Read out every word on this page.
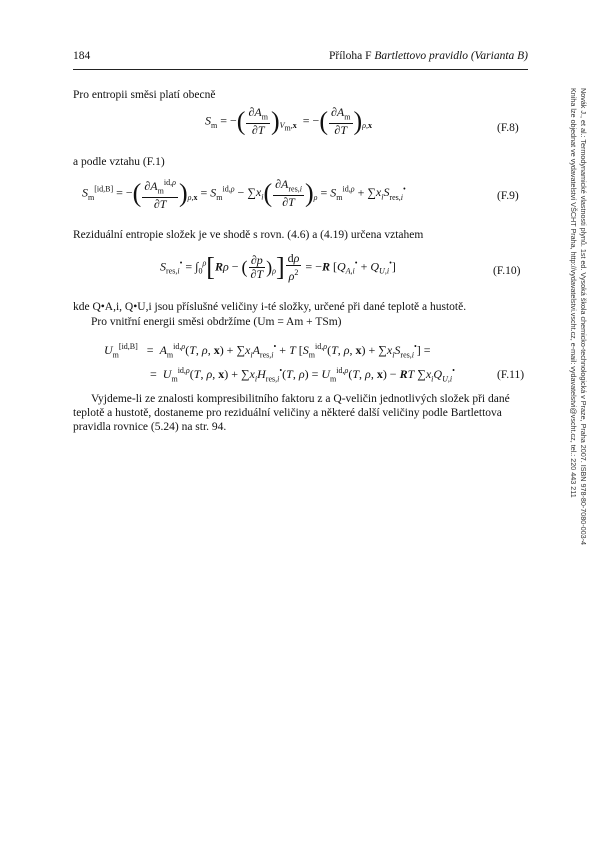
184	Příloha F Bartlettovo pravidlo (Varianta B)
Pro entropii směsi platí obecně
$S_m$ = −( $\frac{\partial A_m}{\partial T} )_{V_m,x}$  = −( $\frac{\partial A_m}{\partial T} )_{\rho,x}$	(F.8)
a podle vztahu (F.1)
$S_m[id,B]$ = −( $\frac{\partial A_m^{id,\rho}}{\partial T} )_{\rho,x} = S_m^{id,\rho} - \sum x_i( \frac{\partial A_{res,i}}{\partial T} )_\rho = S_m^{id,\rho} + \sum x_iS_{res,i}^•$
(F.9)
Reziduální entropie složek je ve shodě s rovn. (4.6) a (4.19) určena vztahem
$S_{res,i}^• = \int_0^\rho[R\rho$ − ( $\frac{\partial p}{\partial T} )_\rho] \frac{d\rho}{\rho^2} = -R$ $[Q_{A,i}^• + Q_{U,i}^•]$	(F.10)
kde Q•A,i, Q•U,i jsou příslušné veličiny i-té složky, určené při dané teplotě a hustotě.
Pro vnitřní energii směsi obdržíme (Um = Am + TSm)
$U_m[id,B] = A_m^{id,\rho}(T$, ρ, $x) + \sum x_iA_{res,i}^• + T$ [$S_m^{id,\rho}(T$, ρ, $x) + \sum x_iS_{res,i}^•$] =
=  $U_m^{id,\rho}(T$, ρ, $x) + \sum x_iH_{res,i}^•(T$, $\rho) = U_m^{id,\rho}(T$, ρ, x) − RT $\sum x_iQ_{U,i}^•$	(F.11)
Vyjdeme-li ze znalosti kompresibilitního faktoru z a Q-veličin jednotlivých složek při dané teplotě a hustotě, dostaneme pro reziduální veličiny a některé další veličiny podle Bartlettova pravidla rovnice (5.24) na str. 94.	Novák J., et al.: Termodynamické vlastnosti plynů. 1st ed. Vysoká škola chemicko-technologická v Praze, Praha 2007. ISBN 978-80-7080-003-4
Kniha lze objednat ve vydavatelství VŠCHT Praha, http://vydavatelstvi.vscht.cz, e-mail: vydavatelstvi@vscht.cz, tel.: 220 443 211
